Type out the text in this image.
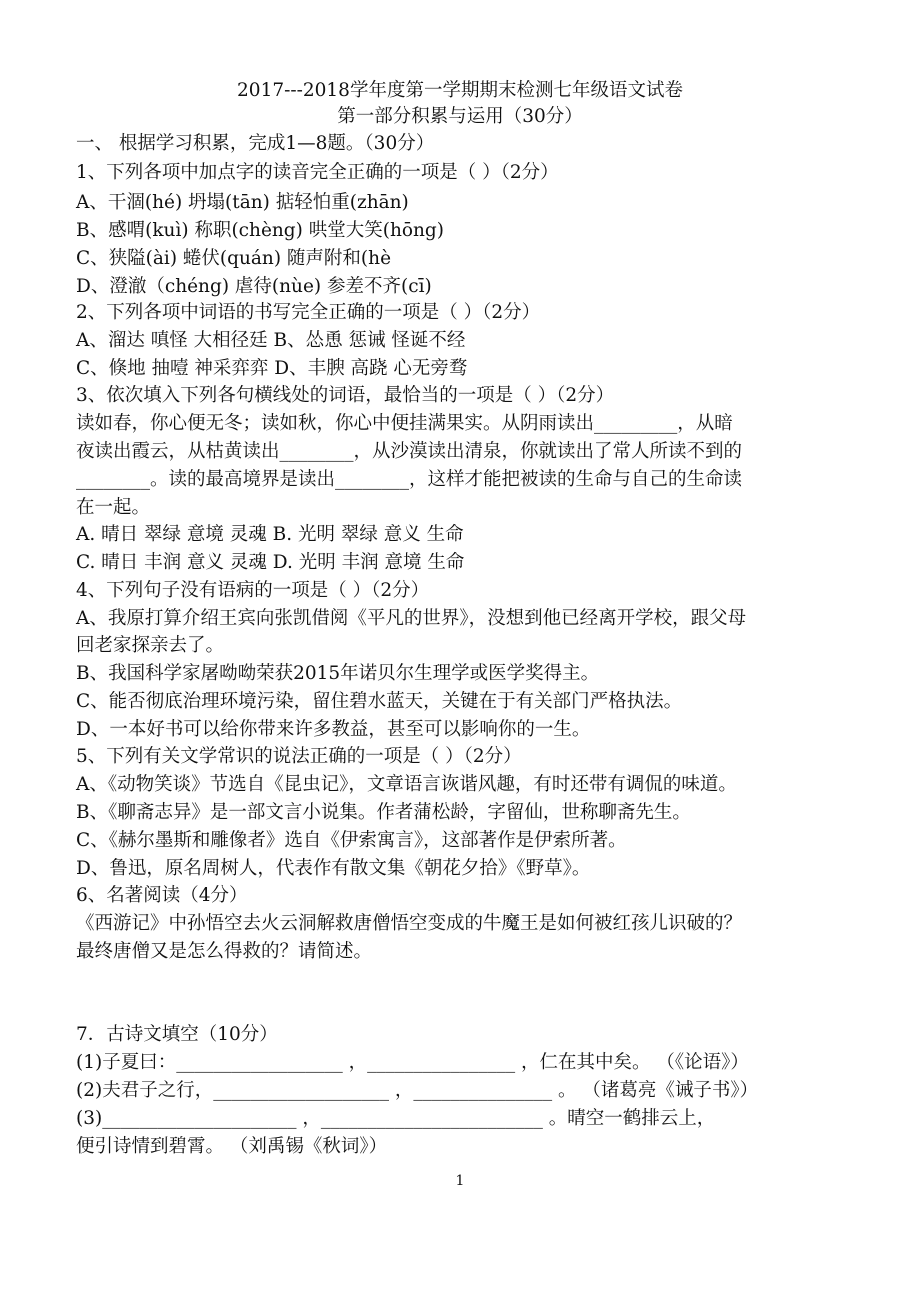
2017---2018学年度第一学期期末检测七年级语文试卷
第一部分积累与运用（30分）
一、 根据学习积累，完成1—8题。（30分）
1、下列各项中加点字的读音完全正确的一项是（ ）（2分）
A、干涸(hé) 坍塌(tān) 掂轻怕重(zhān)
B、感喟(kuì) 称职(chèng) 哄堂大笑(hōng)
C、狭隘(ài) 蜷伏(quán) 随声附和(hè
D、澄澈（chéng) 虐待(nùe) 参差不齐(cī)
2、下列各项中词语的书写完全正确的一项是（ ）（2分）
A、溜达 嗔怪 大相径廷 B、怂恿 惩诫 怪诞不经
C、倏地 抽噎 神采弈弈 D、丰腴 高跷 心无旁骛
3、依次填入下列各句横线处的词语，最恰当的一项是（ ）（2分）
读如春，你心便无冬；读如秋，你心中便挂满果实。从阴雨读出_________，从暗
夜读出霞云，从枯黄读出________，从沙漠读出清泉，你就读出了常人所读不到的
________。读的最高境界是读出________，这样才能把被读的生命与自己的生命读
在一起。
A. 晴日 翠绿 意境 灵魂 B. 光明 翠绿 意义 生命
C. 晴日 丰润 意义 灵魂 D. 光明 丰润 意境 生命
4、下列句子没有语病的一项是（ ）（2分）
A、我原打算介绍王宾向张凯借阅《平凡的世界》，没想到他已经离开学校，跟父母
回老家探亲去了。
B、我国科学家屠呦呦荣获2015年诺贝尔生理学或医学奖得主。
C、能否彻底治理环境污染，留住碧水蓝天，关键在于有关部门严格执法。
D、一本好书可以给你带来许多教益，甚至可以影响你的一生。
5、下列有关文学常识的说法正确的一项是（ ）（2分）
A、《动物笑谈》节选自《昆虫记》，文章语言诙谐风趣，有时还带有调侃的味道。
B、《聊斋志异》是一部文言小说集。作者蒲松龄，字留仙，世称聊斋先生。
C、《赫尔墨斯和雕像者》选自《伊索寓言》，这部著作是伊索所著。
D、鲁迅，原名周树人，代表作有散文集《朝花夕拾》《野草》。
6、名著阅读（4分）
《西游记》中孙悟空去火云洞解救唐僧悟空变成的牛魔王是如何被红孩儿识破的？
最终唐僧又是怎么得救的？请简述。
7．古诗文填空（10分）
(1)子夏曰：__________________ ，________________ ，仁在其中矣。 （《论语》）
(2)夫君子之行，___________________ ，_______________ 。 （诸葛亮《诫子书》）
(3)_____________________ ，________________________ 。晴空一鹤排云上，
便引诗情到碧霄。 （刘禹锡《秋词》）
1
